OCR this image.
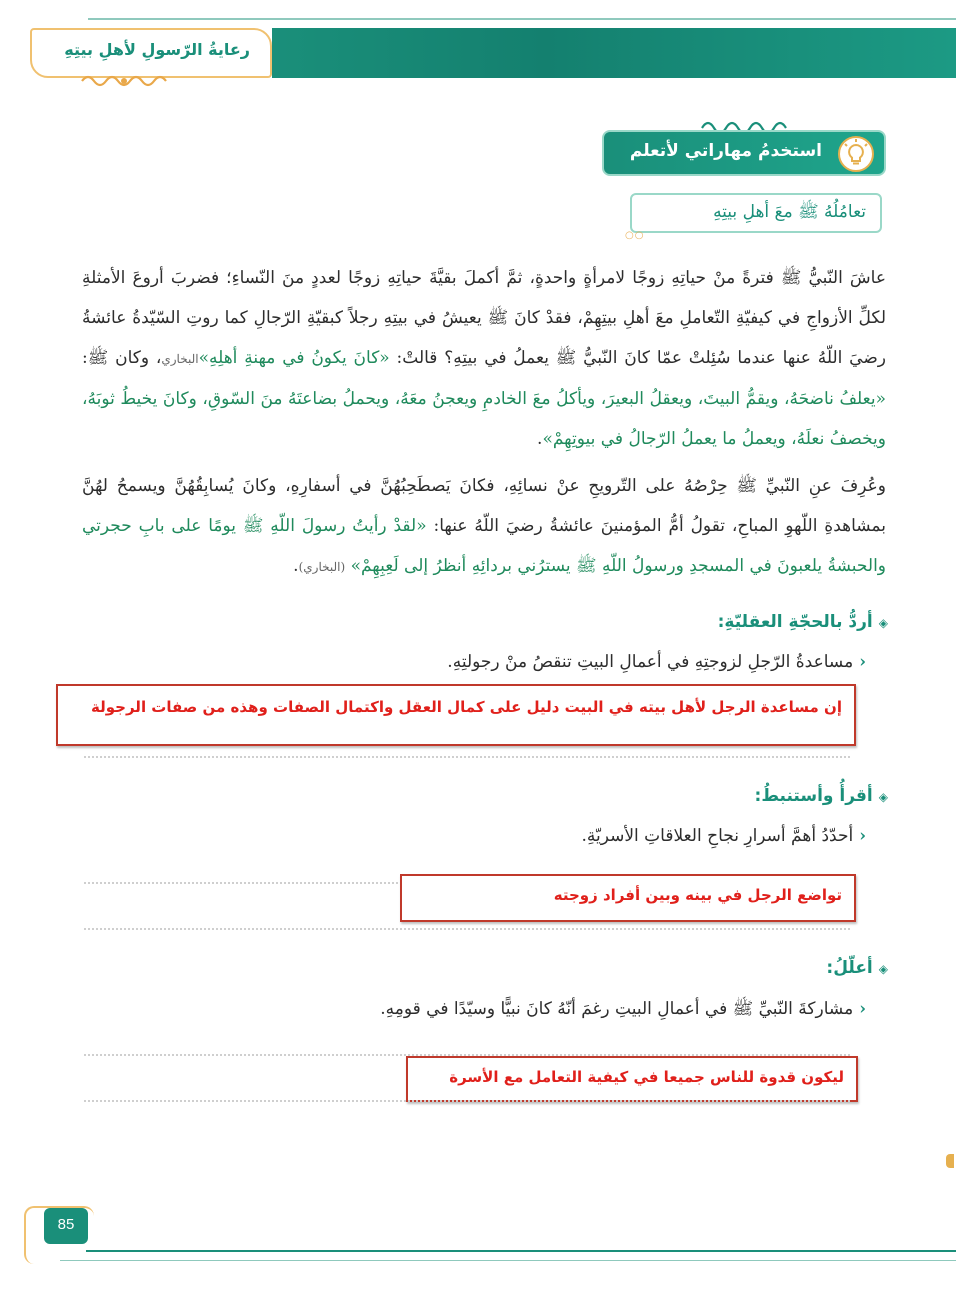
رعايةُ الرّسولِ لأهلِ بيتِهِ
استخدمُ مهاراتي لأتعلم
تعامُلُهُ ﷺ معَ أهلِ بيتِهِ
○○
عاشَ النّبيُّ ﷺ فترةً منْ حياتِهِ زوجًا لامرأةٍ واحدةٍ، ثمَّ أكملَ بقيَّةَ حياتِهِ زوجًا لعددٍ منَ النّساءِ؛ فضربَ أروعَ الأمثلةِ لكلِّ الأزواجِ في كيفيّةِ التّعاملِ معَ أهلِ بيتِهِمْ، فقدْ كانَ ﷺ يعيشُ في بيتِهِ رجلاً كبقيّةِ الرّجالِ كما روتِ السّيّدةُ عائشةُ رضيَ اللّهُ عنها عندما سُئِلتْ عمّا كانَ النّبيُّ ﷺ يعملُ في بيتِهِ؟ قالتْ: «كانَ يكونُ في مهنةِ أهلِهِ»البخاري، وكان ﷺ: «يعلفُ ناضحَهُ، ويقمُّ البيتَ، ويعقلُ البعيرَ، ويأكلُ معَ الخادمِ ويعجنُ معَهُ، ويحملُ بضاعتَهُ منَ السّوقِ، وكانَ يخيطُ ثوبَهُ، ويخصفُ نعلَهُ، ويعملُ ما يعملُ الرّجالُ في بيوتِهِمْ».
وعُرِفَ عنِ النّبيِّ ﷺ حِرْصُهُ على التّرويحِ عنْ نسائِهِ، فكانَ يَصطَحِبُهُنَّ في أسفارِهِ، وكانَ يُسابِقُهُنَّ ويسمحُ لهُنَّ بمشاهدةِ اللّهوِ المباحِ، تقولُ أمُّ المؤمنينَ عائشةُ رضيَ اللّهُ عنها: «لقدْ رأيتُ رسولَ اللّهِ ﷺ يومًا على بابِ حجرتي والحبشةُ يلعبونَ في المسجدِ ورسولُ اللّهِ ﷺ يسترُني بردائِهِ أنظرُ إلى لَعِبِهِمْ» (البخاري).
◈أردُّ بالحجّةِ العقليّةِ:
‹مساعدةُ الرّجلِ لزوجتِهِ في أعمالِ البيتِ تنقصُ منْ رجولتِهِ.
إن مساعدة الرجل لأهل بيته في البيت دليل على كمال العقل واكتمال الصفات وهذه من صفات الرجولة
◈أقرأُ وأستنبطُ:
‹أحدّدُ أهمَّ أسرارِ نجاحِ العلاقاتِ الأسريّةِ.
تواضع الرجل في بينه وبين أفراد زوجته
◈أعلّلُ:
‹مشاركةَ النّبيِّ ﷺ في أعمالِ البيتِ رغمَ أنّهُ كانَ نبيًّا وسيّدًا في قومِهِ.
ليكون قدوة للناس جميعا في كيفية التعامل مع الأسرة
85
